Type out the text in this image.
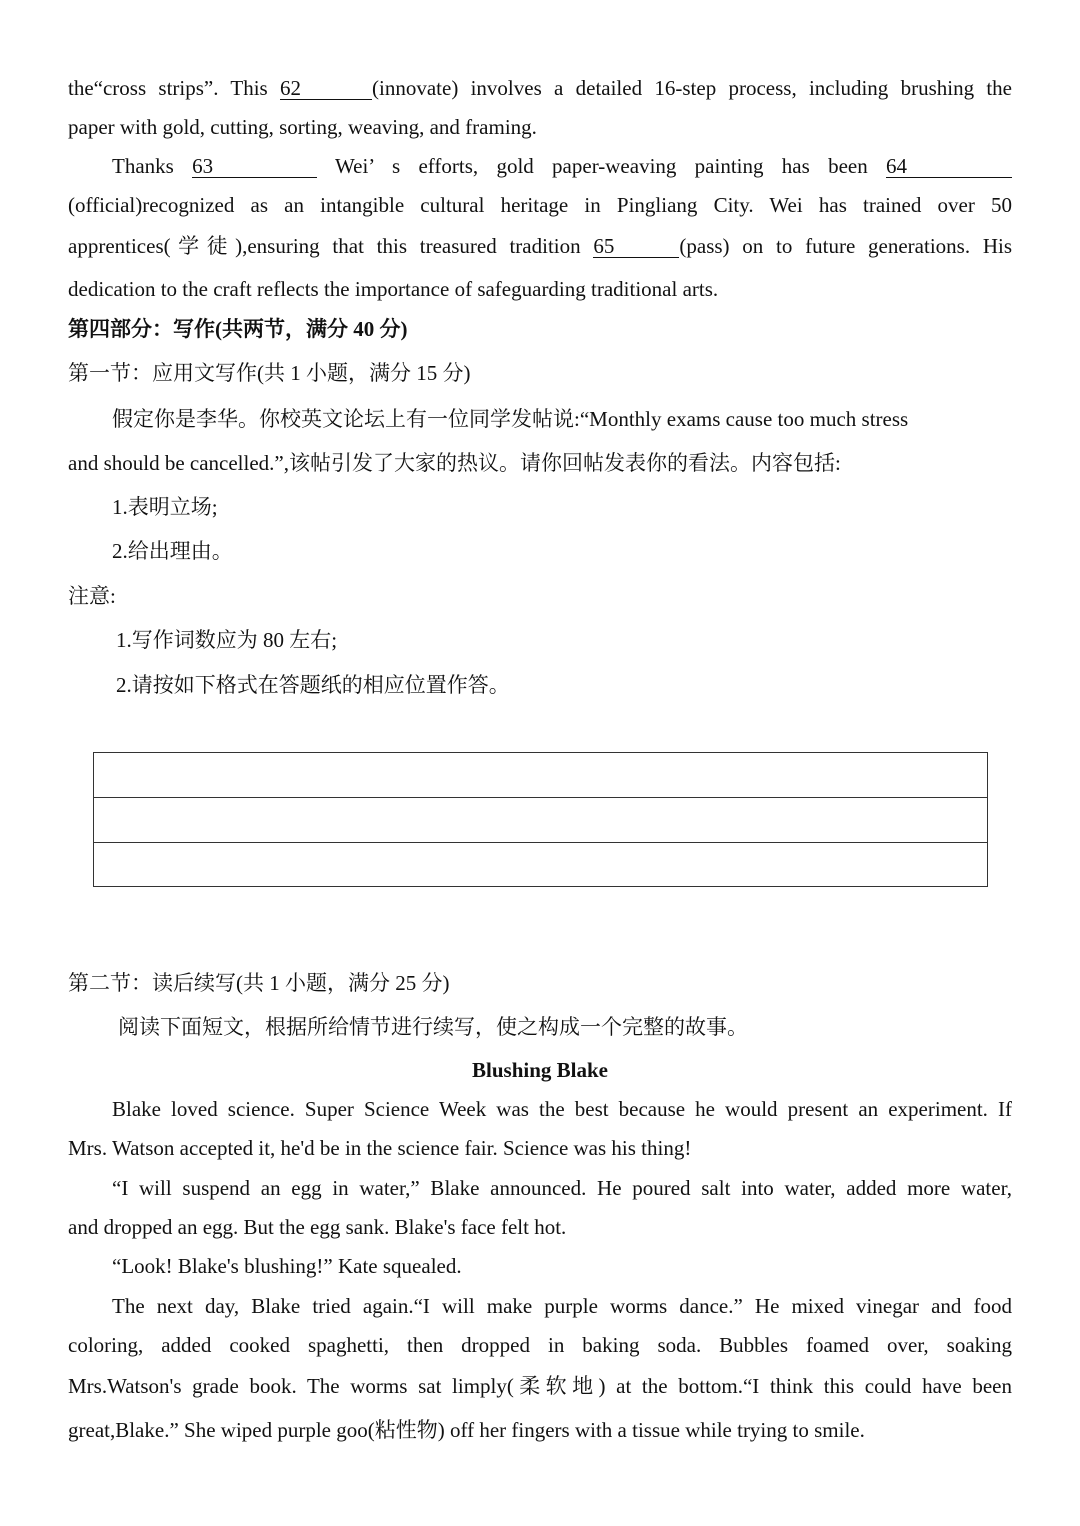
the“cross strips”. This 62	(innovate) involves a detailed 16-step process, including brushing the
paper with gold, cutting, sorting, weaving, and framing.
Thanks 63	Wei’ s efforts, gold paper-weaving painting has been 64
(official)recognized as an intangible cultural heritage in Pingliang City. Wei has trained over 50
apprentices(学徒),ensuring that this treasured tradition 65	(pass) on to future generations. His
dedication to the craft reflects the importance of safeguarding traditional arts.
第四部分：写作(共两节，满分 40 分)
第一节：应用文写作(共 1 小题，满分 15 分)
假定你是李华。你校英文论坛上有一位同学发帖说:“Monthly exams cause too much stress
and should be cancelled.”,该帖引发了大家的热议。请你回帖发表你的看法。内容包括:
1.表明立场;
2.给出理由。
注意:
1.写作词数应为 80 左右;
2.请按如下格式在答题纸的相应位置作答。
第二节：读后续写(共 1 小题，满分 25 分)
阅读下面短文，根据所给情节进行续写，使之构成一个完整的故事。
Blushing Blake
Blake loved science. Super Science Week was the best because he would present an experiment. If
Mrs. Watson accepted it, he'd be in the science fair. Science was his thing!
“I will suspend an egg in water,” Blake announced. He poured salt into water, added more water,
and dropped an egg. But the egg sank. Blake's face felt hot.
“Look! Blake's blushing!” Kate squealed.
The next day, Blake tried again.“I will make purple worms dance.” He mixed vinegar and food
coloring, added cooked spaghetti, then dropped in baking soda. Bubbles foamed over, soaking
Mrs.Watson's grade book. The worms sat limply(柔软地) at the bottom.“I think this could have been
great,Blake.” She wiped purple goo(粘性物) off her fingers with a tissue while trying to smile.
